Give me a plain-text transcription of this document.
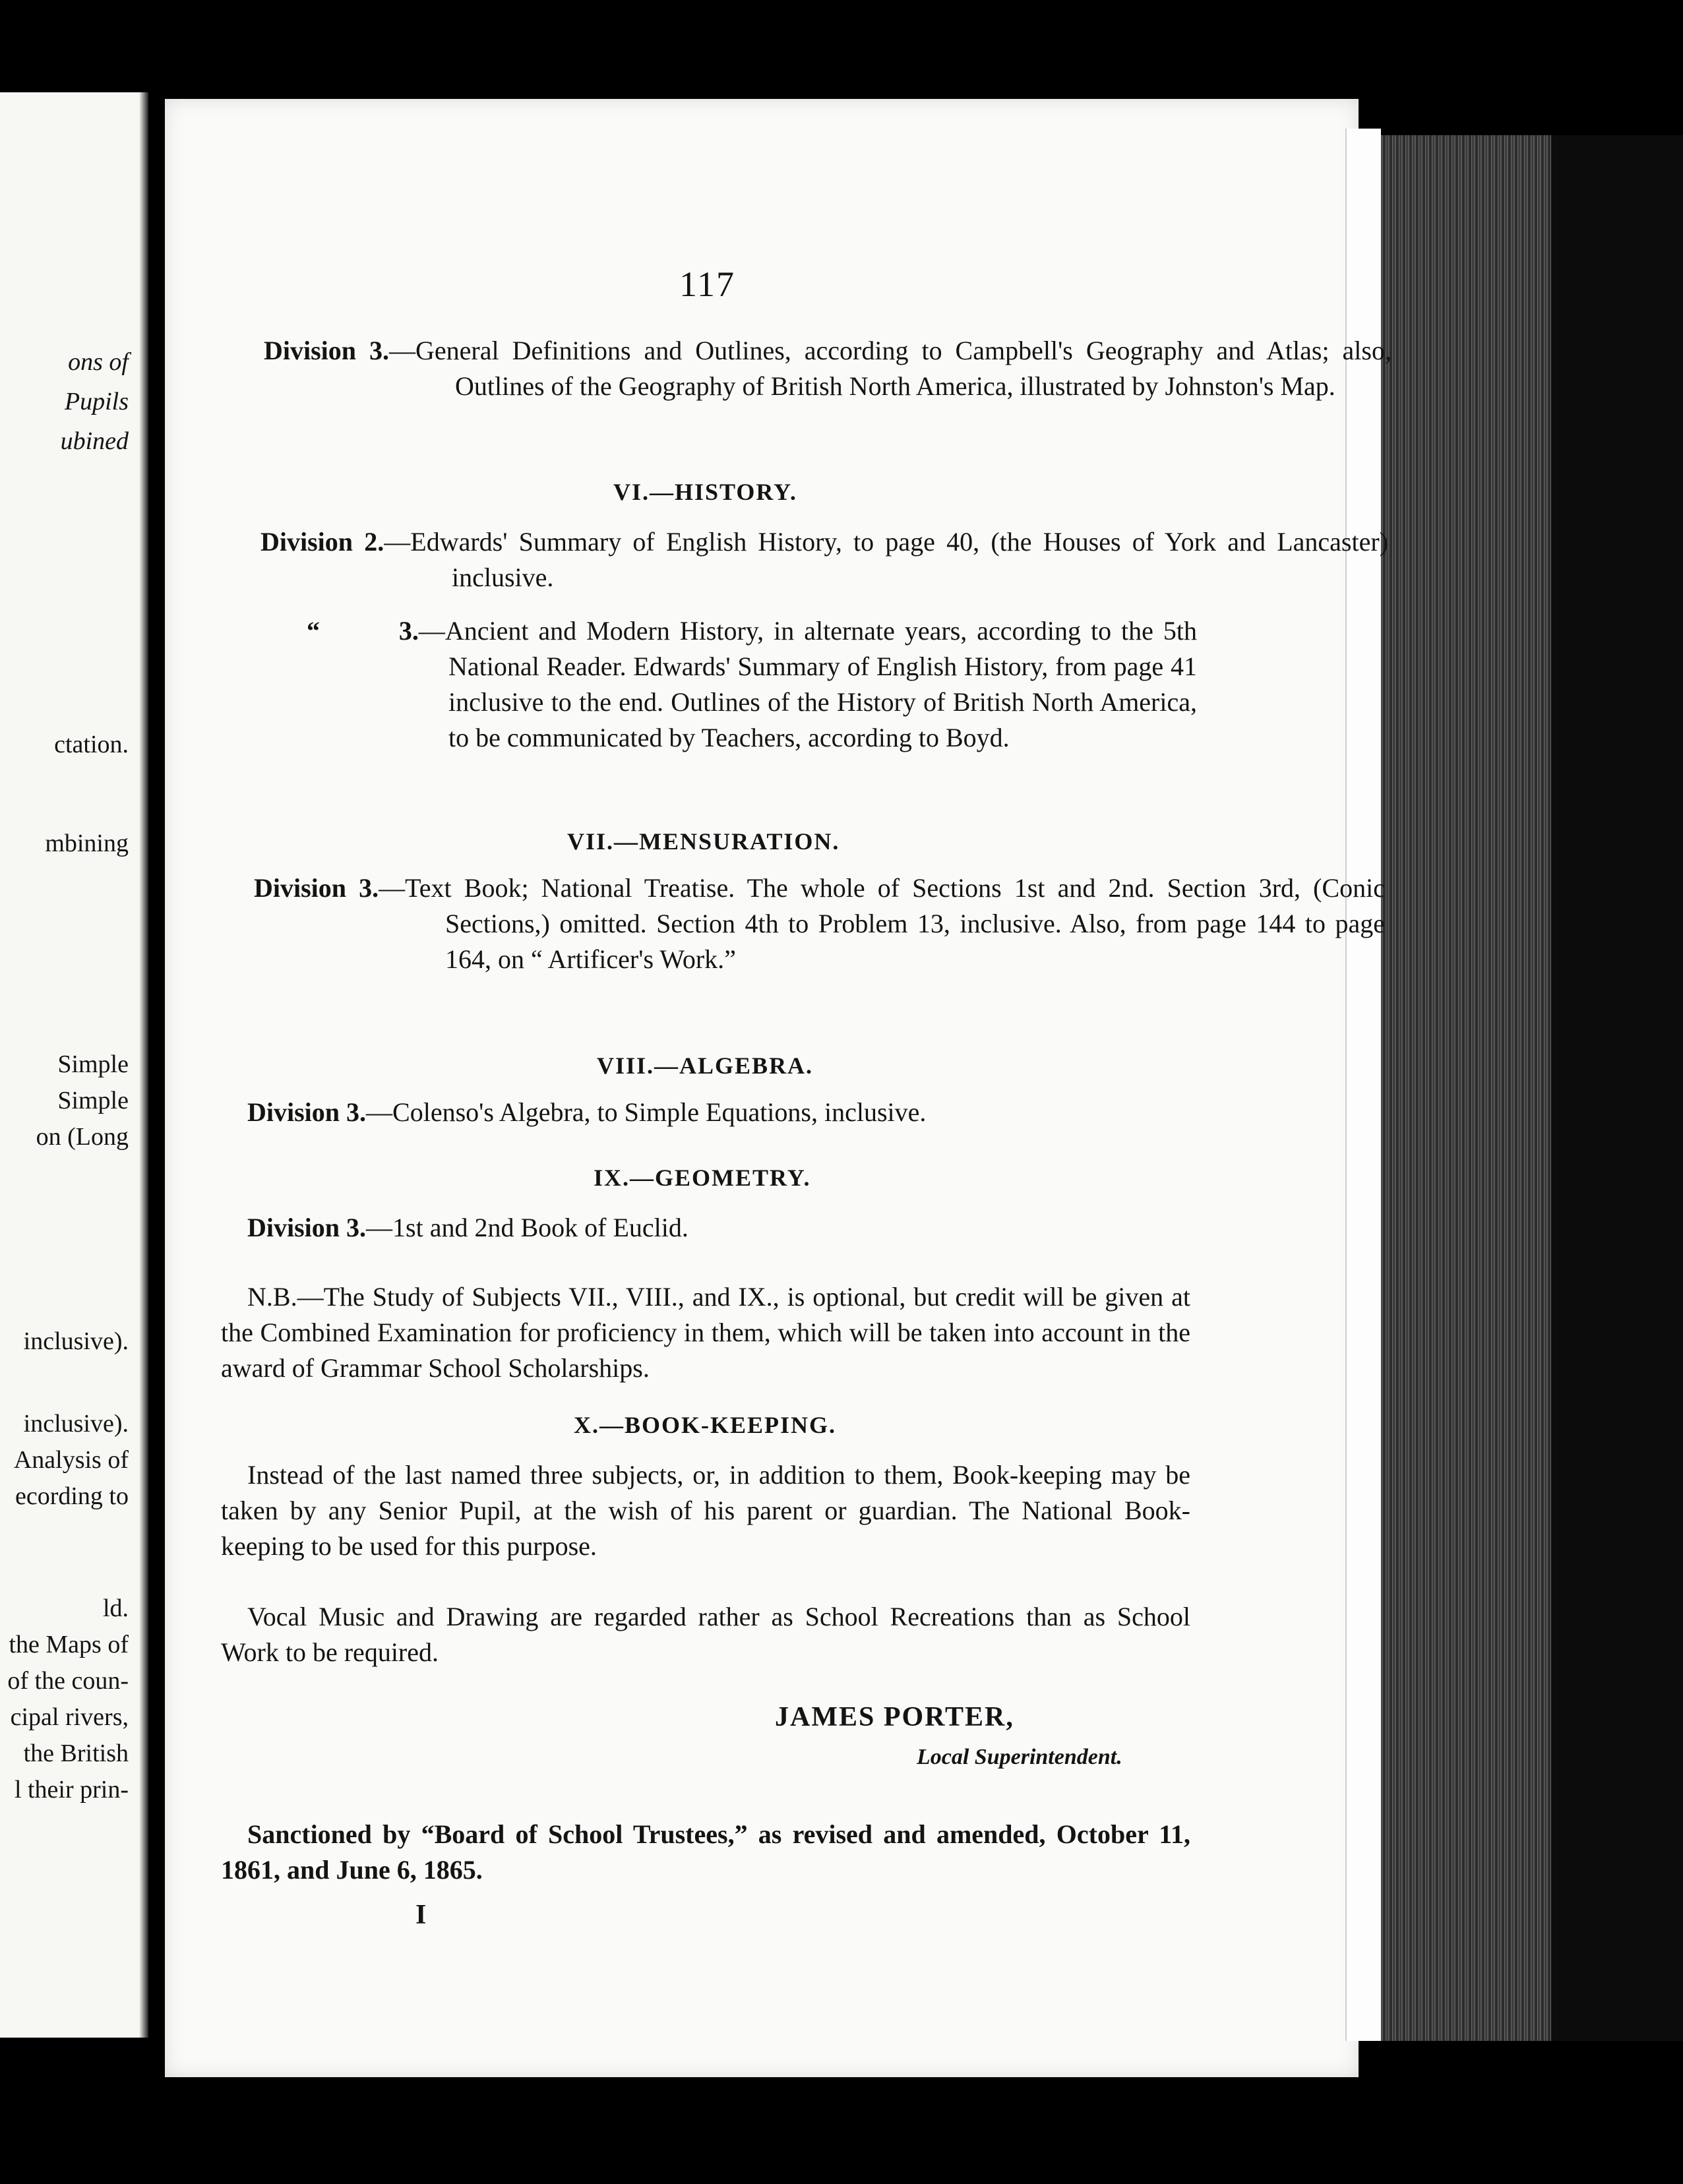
ons of
Pupils
ubined
ctation.
mbining
Simple
Simple
on (Long
inclusive).
inclusive).
Analysis of
ecording to
ld.
the Maps of
of the coun-
cipal rivers,
the British
l their prin-
117
Division 3.—General Definitions and Outlines, according to Campbell's Geography and Atlas; also, Outlines of the Geography of British North America, illustrated by Johnston's Map.
VI.—HISTORY.
Division 2.—Edwards' Summary of English History, to page 40, (the Houses of York and Lancaster) inclusive.
“        3.—Ancient and Modern History, in alternate years, according to the 5th National Reader. Edwards' Summary of English History, from page 41 inclusive to the end. Outlines of the History of British North America, to be communicated by Teachers, according to Boyd.
VII.—MENSURATION.
Division 3.—Text Book; National Treatise. The whole of Sections 1st and 2nd. Section 3rd, (Conic Sections,) omitted. Section 4th to Problem 13, inclusive. Also, from page 144 to page 164, on “ Artificer's Work.”
VIII.—ALGEBRA.
Division 3.—Colenso's Algebra, to Simple Equations, inclusive.
IX.—GEOMETRY.
Division 3.—1st and 2nd Book of Euclid.
N.B.—The Study of Subjects VII., VIII., and IX., is optional, but credit will be given at the Combined Examination for proficiency in them, which will be taken into account in the award of Grammar School Scholarships.
X.—BOOK-KEEPING.
Instead of the last named three subjects, or, in addition to them, Book-keeping may be taken by any Senior Pupil, at the wish of his parent or guardian. The National Book-keeping to be used for this purpose.
Vocal Music and Drawing are regarded rather as School Recreations than as School Work to be required.
JAMES PORTER,
Local Superintendent.
Sanctioned by “Board of School Trustees,” as revised and amended, October 11, 1861, and June 6, 1865.
I
